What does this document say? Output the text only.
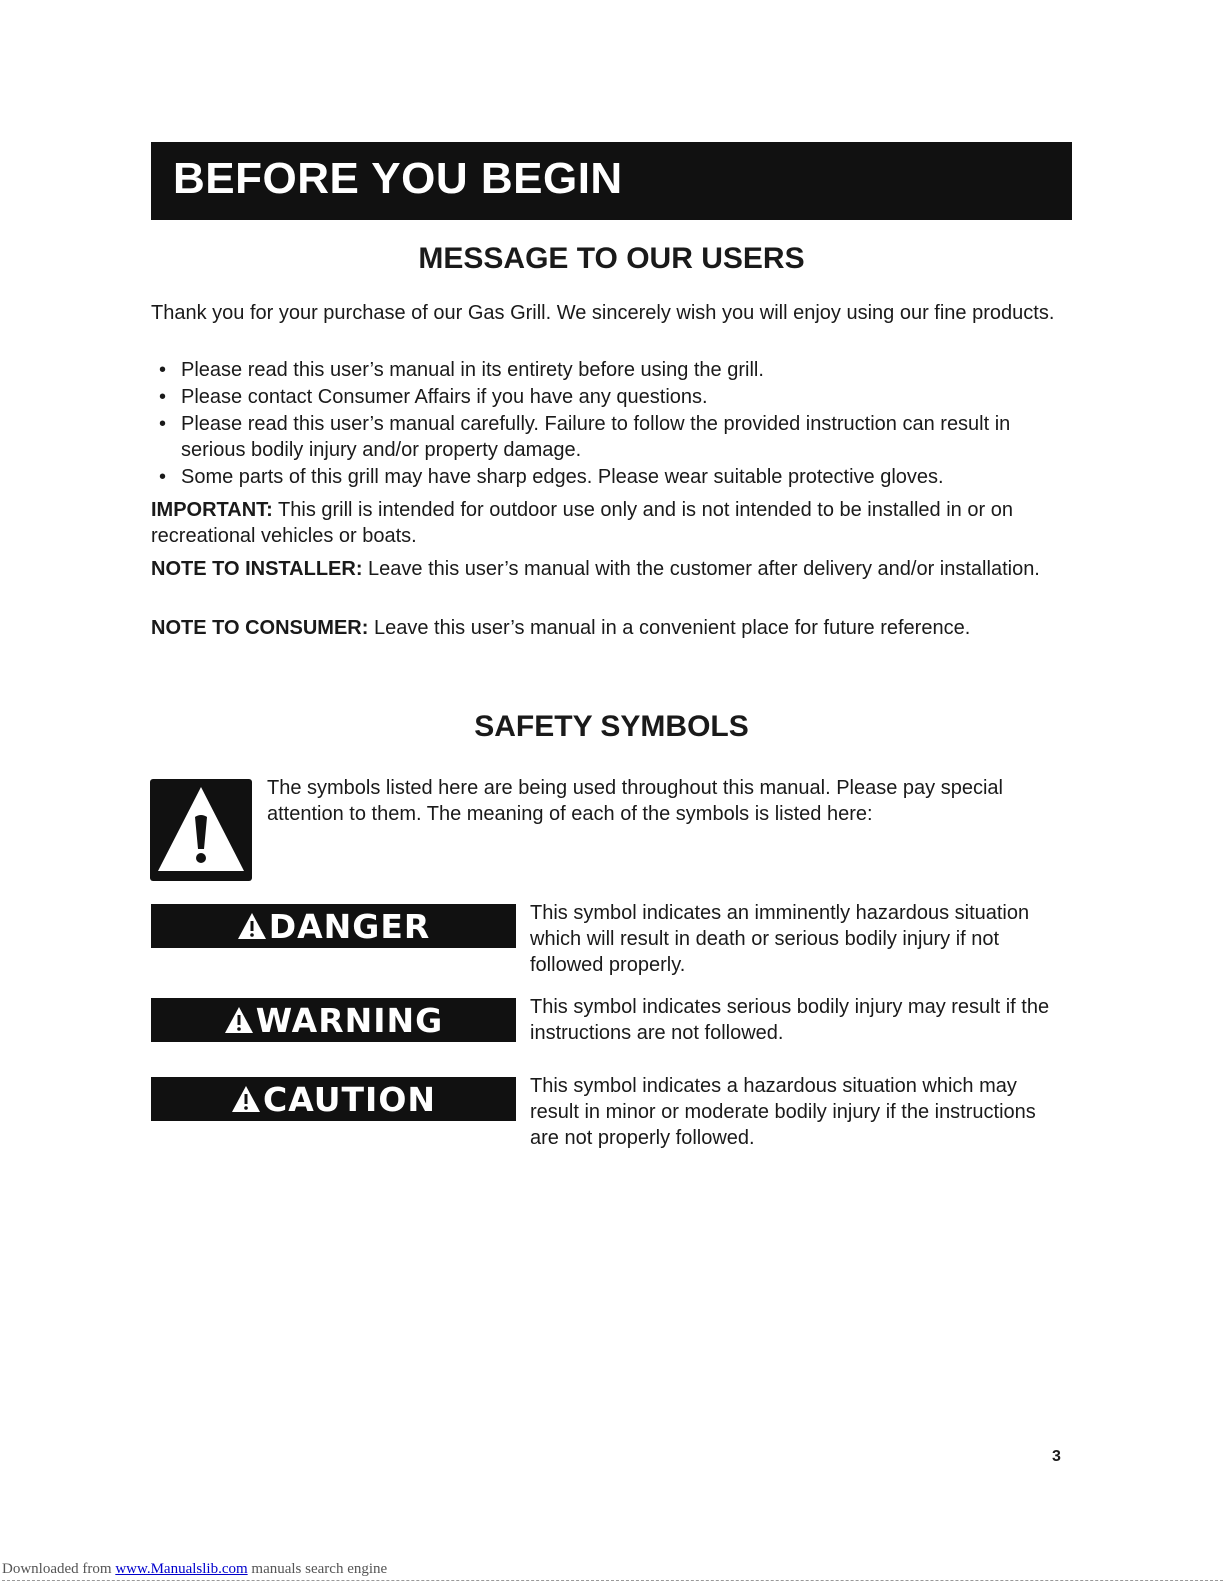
BEFORE YOU BEGIN
MESSAGE TO OUR USERS

Thank you for your purchase of our Gas Grill. We sincerely wish you will enjoy using our fine products.

• Please read this user’s manual in its entirety before using the grill.
• Please contact Consumer Affairs if you have any questions.
• Please read this user’s manual carefully. Failure to follow the provided instruction can result in serious bodily injury and/or property damage.
• Some parts of this grill may have sharp edges. Please wear suitable protective gloves.

IMPORTANT: This grill is intended for outdoor use only and is not intended to be installed in or on recreational vehicles or boats.

NOTE TO INSTALLER: Leave this user’s manual with the customer after delivery and/or installation.

NOTE TO CONSUMER: Leave this user’s manual in a convenient place for future reference.

SAFETY SYMBOLS

The symbols listed here are being used throughout this manual. Please pay special attention to them. The meaning of each of the symbols is listed here:

DANGER	This symbol indicates an imminently hazardous situation which will result in death or serious bodily injury if not followed properly.

WARNING	This symbol indicates serious bodily injury may result if the instructions are not followed.

CAUTION	This symbol indicates a hazardous situation which may result in minor or moderate bodily injury if the instructions are not properly followed.

3
Downloaded from www.Manualslib.com manuals search engine
